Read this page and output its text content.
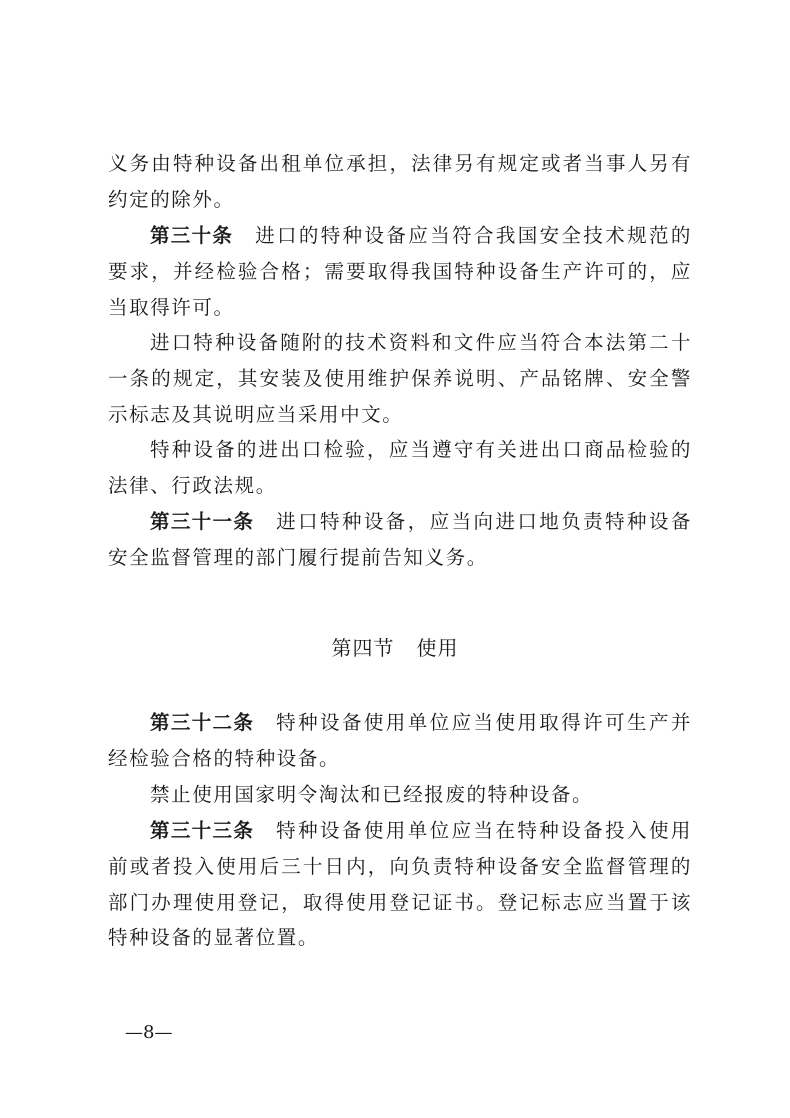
义务由特种设备出租单位承担，法律另有规定或者当事人另有约定的除外。

第三十条 进口的特种设备应当符合我国安全技术规范的要求，并经检验合格；需要取得我国特种设备生产许可的，应当取得许可。

进口特种设备随附的技术资料和文件应当符合本法第二十一条的规定，其安装及使用维护保养说明、产品铭牌、安全警示标志及其说明应当采用中文。

特种设备的进出口检验，应当遵守有关进出口商品检验的法律、行政法规。

第三十一条 进口特种设备，应当向进口地负责特种设备安全监督管理的部门履行提前告知义务。

第四节 使用

第三十二条 特种设备使用单位应当使用取得许可生产并经检验合格的特种设备。

禁止使用国家明令淘汰和已经报废的特种设备。

第三十三条 特种设备使用单位应当在特种设备投入使用前或者投入使用后三十日内，向负责特种设备安全监督管理的部门办理使用登记，取得使用登记证书。登记标志应当置于该特种设备的显著位置。

—8—
